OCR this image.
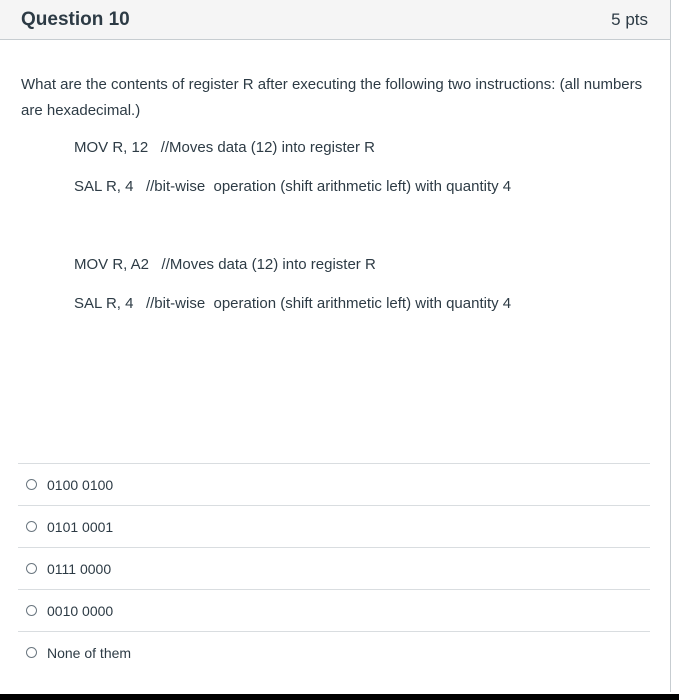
Question 10	5 pts

What are the contents of register R after executing the following two instructions: (all numbers are hexadecimal.)

MOV R, 12   //Moves data (12) into register R
SAL R, 4   //bit-wise  operation (shift arithmetic left) with quantity 4
MOV R, A2   //Moves data (12) into register R
SAL R, 4   //bit-wise  operation (shift arithmetic left) with quantity 4
0100 0100
0101 0001
0111 0000
0010 0000
None of them
